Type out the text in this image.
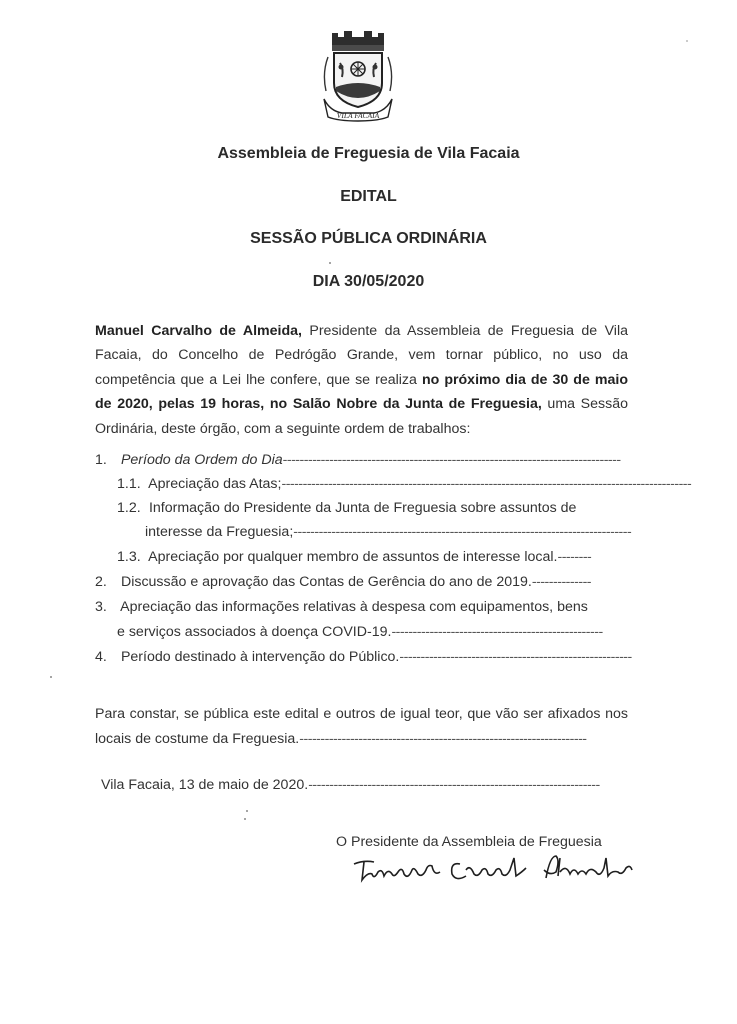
VILA FACAIA
Assembleia de Freguesia de Vila Facaia
EDITAL
SESSÃO PÚBLICA ORDINÁRIA
DIA 30/05/2020
Manuel Carvalho de Almeida, Presidente da Assembleia de Freguesia de Vila Facaia, do Concelho de Pedrógão Grande, vem tornar público, no uso da competência que a Lei lhe confere, que se realiza no próximo dia de 30 de maio de 2020, pelas 19 horas, no Salão Nobre da Junta de Freguesia, uma Sessão Ordinária, deste órgão, com a seguinte ordem de trabalhos:
1. Período da Ordem do Dia--------------------------------------------------------------------------------
1.1. Apreciação das Atas;-------------------------------------------------------------------------------------------------
1.2. Informação do Presidente da Junta de Freguesia sobre assuntos de
interesse da Freguesia;--------------------------------------------------------------------------------
1.3. Apreciação por qualquer membro de assuntos de interesse local.--------
2. Discussão e aprovação das Contas de Gerência do ano de 2019.--------------
3. Apreciação das informações relativas à despesa com equipamentos, bens
e serviços associados à doença COVID-19.--------------------------------------------------
4. Período destinado à intervenção do Público.-------------------------------------------------------
Para constar, se pública este edital e outros de igual teor, que vão ser afixados nos locais de costume da Freguesia.--------------------------------------------------------------------
Vila Facaia, 13 de maio de 2020.---------------------------------------------------------------------
O Presidente da Assembleia de Freguesia
